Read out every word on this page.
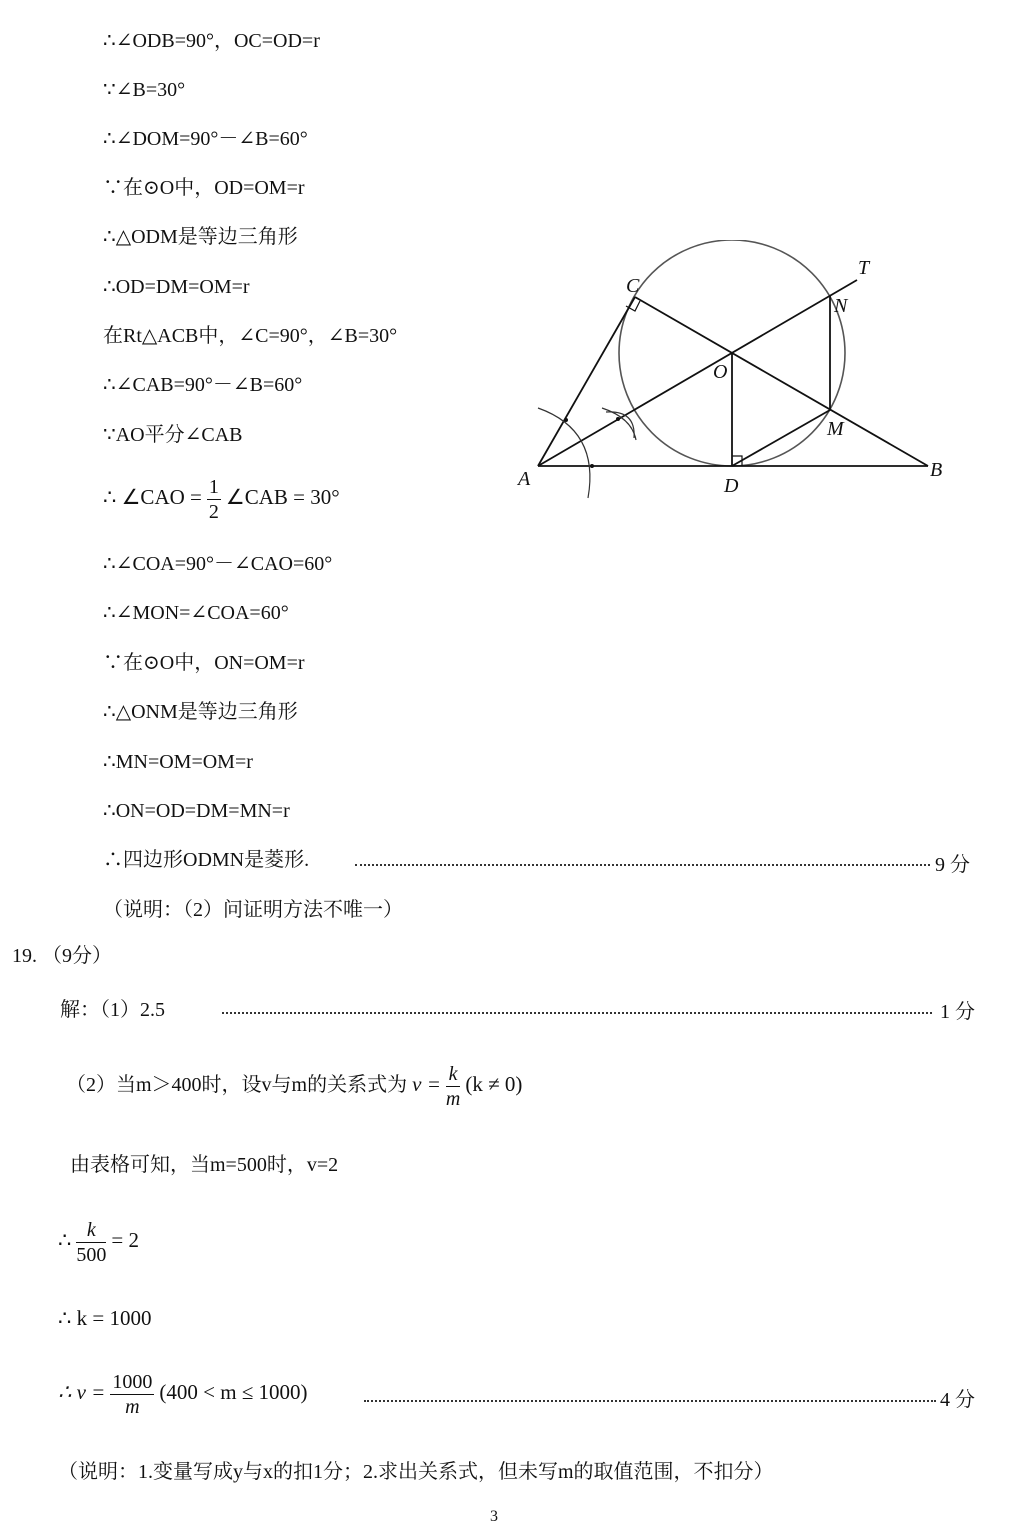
∴∠ODB=90°，OC=OD=r
∵∠B=30°
∴∠DOM=90°－∠B=60°
∵在⊙O中，OD=OM=r
∴△ODM是等边三角形
∴OD=DM=OM=r
在Rt△ACB中，∠C=90°，∠B=30°
∴∠CAB=90°－∠B=60°
∵AO平分∠CAB
∴ ∠CAO = $\frac{1}{2}$ ∠CAB = 30°
∴∠COA=90°－∠CAO=60°
∴∠MON=∠COA=60°
∵在⊙O中，ON=OM=r
∴△ONM是等边三角形
∴MN=OM=OM=r
∴ON=OD=DM=MN=r
∴四边形ODMN是菱形.	9 分
（说明：（2）问证明方法不唯一）
A	B
C
D
O
M
N
T
19. （9分）
解：（1）2.5	1 分
（2）当m＞400时，设v与m的关系式为 $v = \frac{k}{m} (k \ne 0)$
由表格可知，当m=500时，v=2
∴ $\frac{k}{500} = 2$
∴ k = 1000
∴ $v = \frac{1000}{m} (400 < m \le 1000)$	4 分
（说明：1.变量写成y与x的扣1分；2.求出关系式，但未写m的取值范围，不扣分）
3
